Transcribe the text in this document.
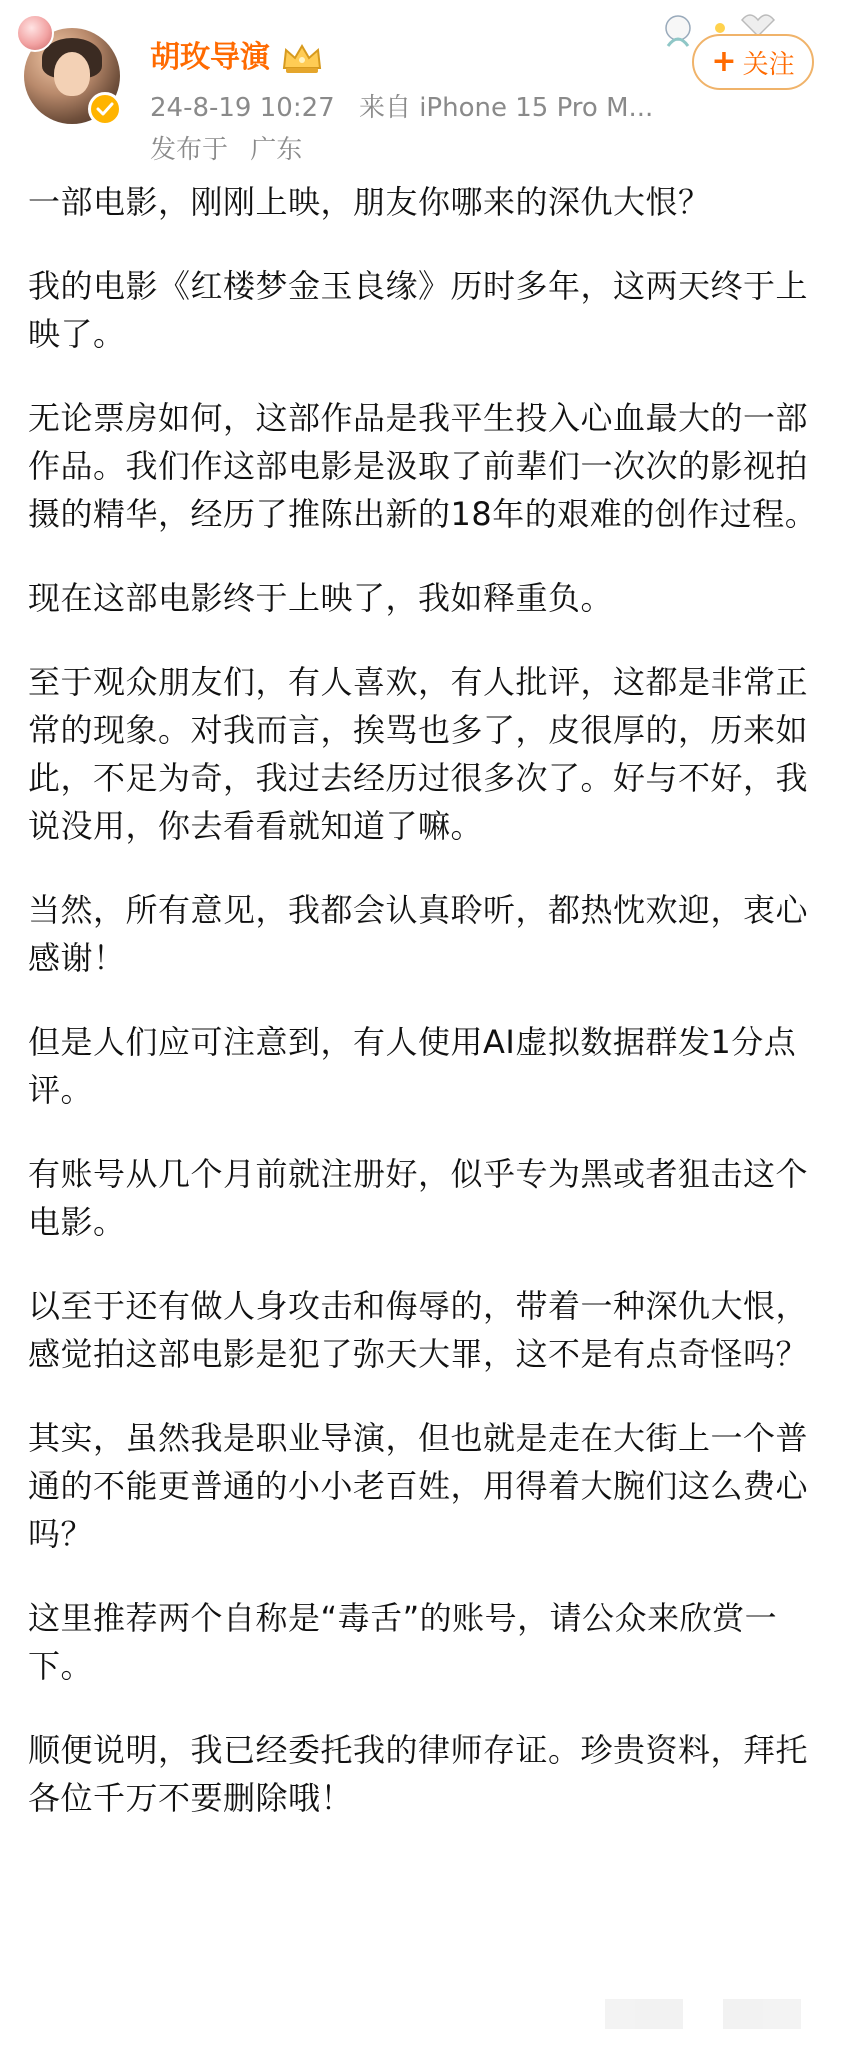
胡玫导演
24-8-19 10:27 来自 iPhone 15 Pro M...
发布于 广东
+ 关注

一部电影，刚刚上映，朋友你哪来的深仇大恨？

我的电影《红楼梦金玉良缘》历时多年，这两天终于上映了。

无论票房如何，这部作品是我平生投入心血最大的一部作品。我们作这部电影是汲取了前辈们一次次的影视拍摄的精华，经历了推陈出新的18年的艰难的创作过程。

现在这部电影终于上映了，我如释重负。

至于观众朋友们，有人喜欢，有人批评，这都是非常正常的现象。对我而言，挨骂也多了，皮很厚的，历来如此，不足为奇，我过去经历过很多次了。好与不好，我说没用，你去看看就知道了嘛。

当然，所有意见，我都会认真聆听，都热忱欢迎，衷心感谢！

但是人们应可注意到，有人使用AI虚拟数据群发1分点评。

有账号从几个月前就注册好，似乎专为黑或者狙击这个电影。

以至于还有做人身攻击和侮辱的，带着一种深仇大恨，感觉拍这部电影是犯了弥天大罪，这不是有点奇怪吗？

其实，虽然我是职业导演，但也就是走在大街上一个普通的不能更普通的小小老百姓，用得着大腕们这么费心吗？

这里推荐两个自称是“毒舌”的账号，请公众来欣赏一下。

顺便说明，我已经委托我的律师存证。珍贵资料，拜托各位千万不要删除哦！
